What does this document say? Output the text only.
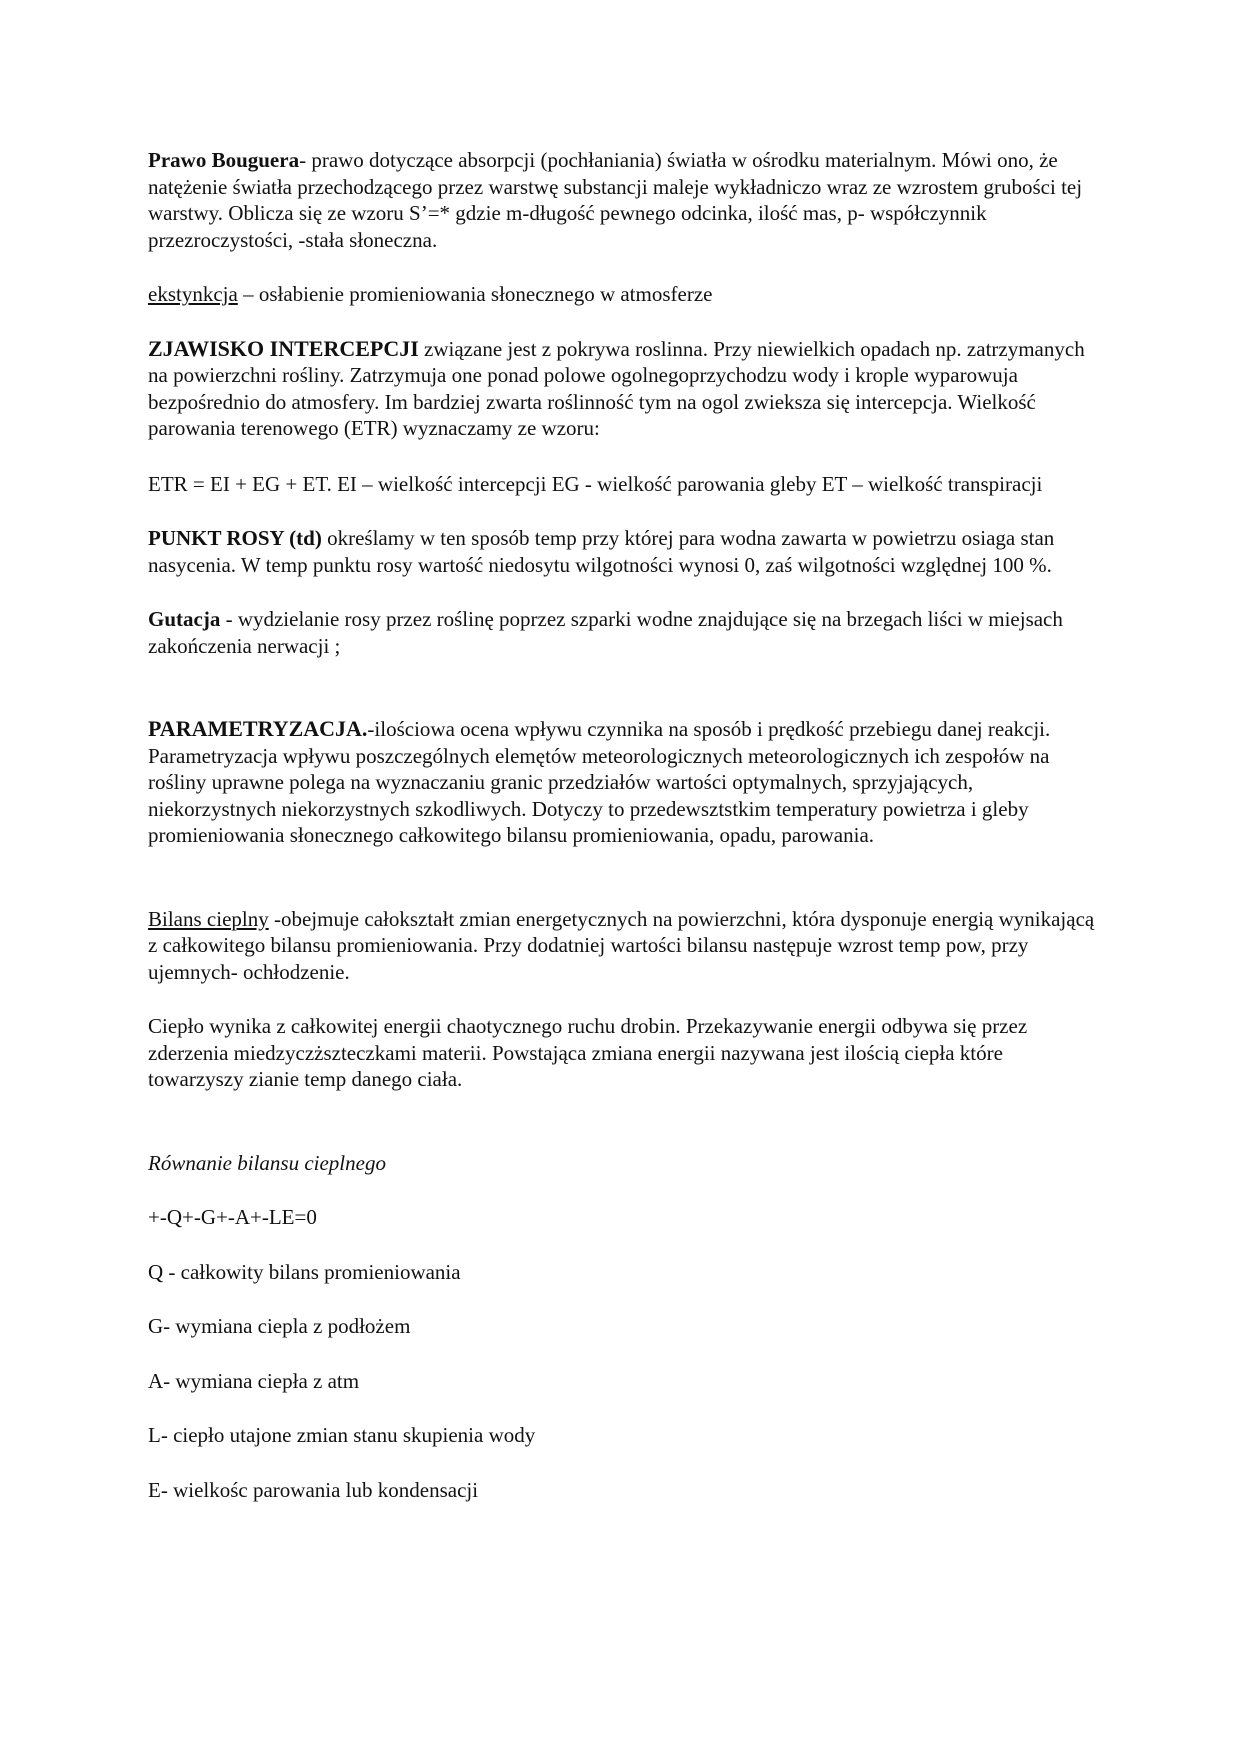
Prawo Bouguera- prawo dotyczące absorpcji (pochłaniania) światła w ośrodku materialnym. Mówi ono, że natężenie światła przechodzącego przez warstwę substancji maleje wykładniczo wraz ze wzrostem grubości tej warstwy. Oblicza się ze wzoru S’=* gdzie m-długość pewnego odcinka, ilość mas, p- współczynnik przezroczystości, -stała słoneczna.

ekstynkcja – osłabienie promieniowania słonecznego w atmosferze

ZJAWISKO INTERCEPCJI związane jest z pokrywa roslinna. Przy niewielkich opadach np. zatrzymanych na powierzchni rośliny. Zatrzymuja one ponad polowe ogolnegoprzychodzu wody i krople wyparowuja bezpośrednio do atmosfery. Im bardziej zwarta roślinność tym na ogol zwieksza się intercepcja. Wielkość parowania terenowego (ETR) wyznaczamy ze wzoru:

ETR = EI + EG + ET. EI – wielkość intercepcji EG - wielkość parowania gleby ET – wielkość transpiracji

PUNKT ROSY (td) określamy w ten sposób temp przy której para wodna zawarta w powietrzu osiaga stan nasycenia. W temp punktu rosy wartość niedosytu wilgotności wynosi 0, zaś wilgotności względnej 100 %.

Gutacja - wydzielanie rosy przez roślinę poprzez szparki wodne znajdujące się na brzegach liści w miejsach zakończenia nerwacji ;

PARAMETRYZACJA.-ilościowa ocena wpływu czynnika na sposób i prędkość przebiegu danej reakcji. Parametryzacja wpływu poszczególnych elemętów meteorologicznych meteorologicznych ich zespołów na rośliny uprawne polega na wyznaczaniu granic przedziałów wartości optymalnych, sprzyjających, niekorzystnych niekorzystnych szkodliwych. Dotyczy to przedewsztstkim temperatury powietrza i gleby promieniowania słonecznego całkowitego bilansu promieniowania, opadu, parowania.

Bilans cieplny -obejmuje całokształt zmian energetycznych na powierzchni, która dysponuje energią wynikającą z całkowitego bilansu promieniowania. Przy dodatniej wartości bilansu następuje wzrost temp pow, przy ujemnych- ochłodzenie.

Ciepło wynika z całkowitej energii chaotycznego ruchu drobin. Przekazywanie energii odbywa się przez zderzenia miedzyczższteczkami materii. Powstająca zmiana energii nazywana jest ilością ciepła które towarzyszy zianie temp danego ciała.

Równanie bilansu cieplnego

+-Q+-G+-A+-LE=0

Q - całkowity bilans promieniowania

G- wymiana ciepla z podłożem

A- wymiana ciepła z atm

L- ciepło utajone zmian stanu skupienia wody

E- wielkośc parowania lub kondensacji
